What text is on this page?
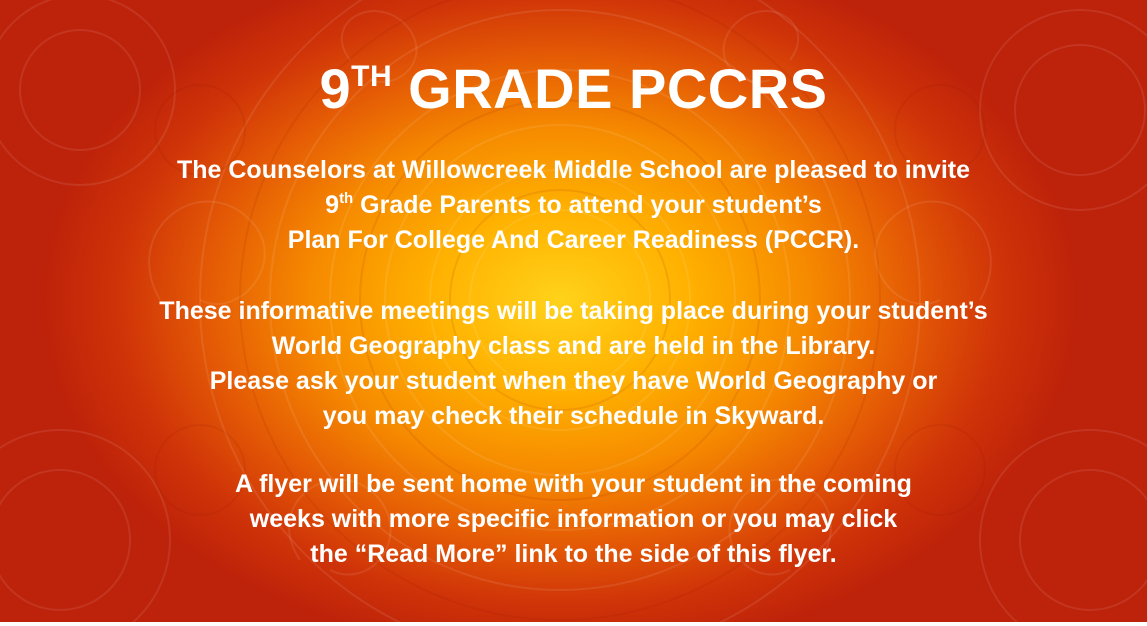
9TH GRADE PCCRS
The Counselors at Willowcreek Middle School are pleased to invite
9th Grade Parents to attend your student’s
Plan For College And Career Readiness (PCCR).
These informative meetings will be taking place during your student’s
World Geography class and are held in the Library.
Please ask your student when they have World Geography or
you may check their schedule in Skyward.
A flyer will be sent home with your student in the coming
weeks with more specific information or you may click
the “Read More” link to the side of this flyer.
